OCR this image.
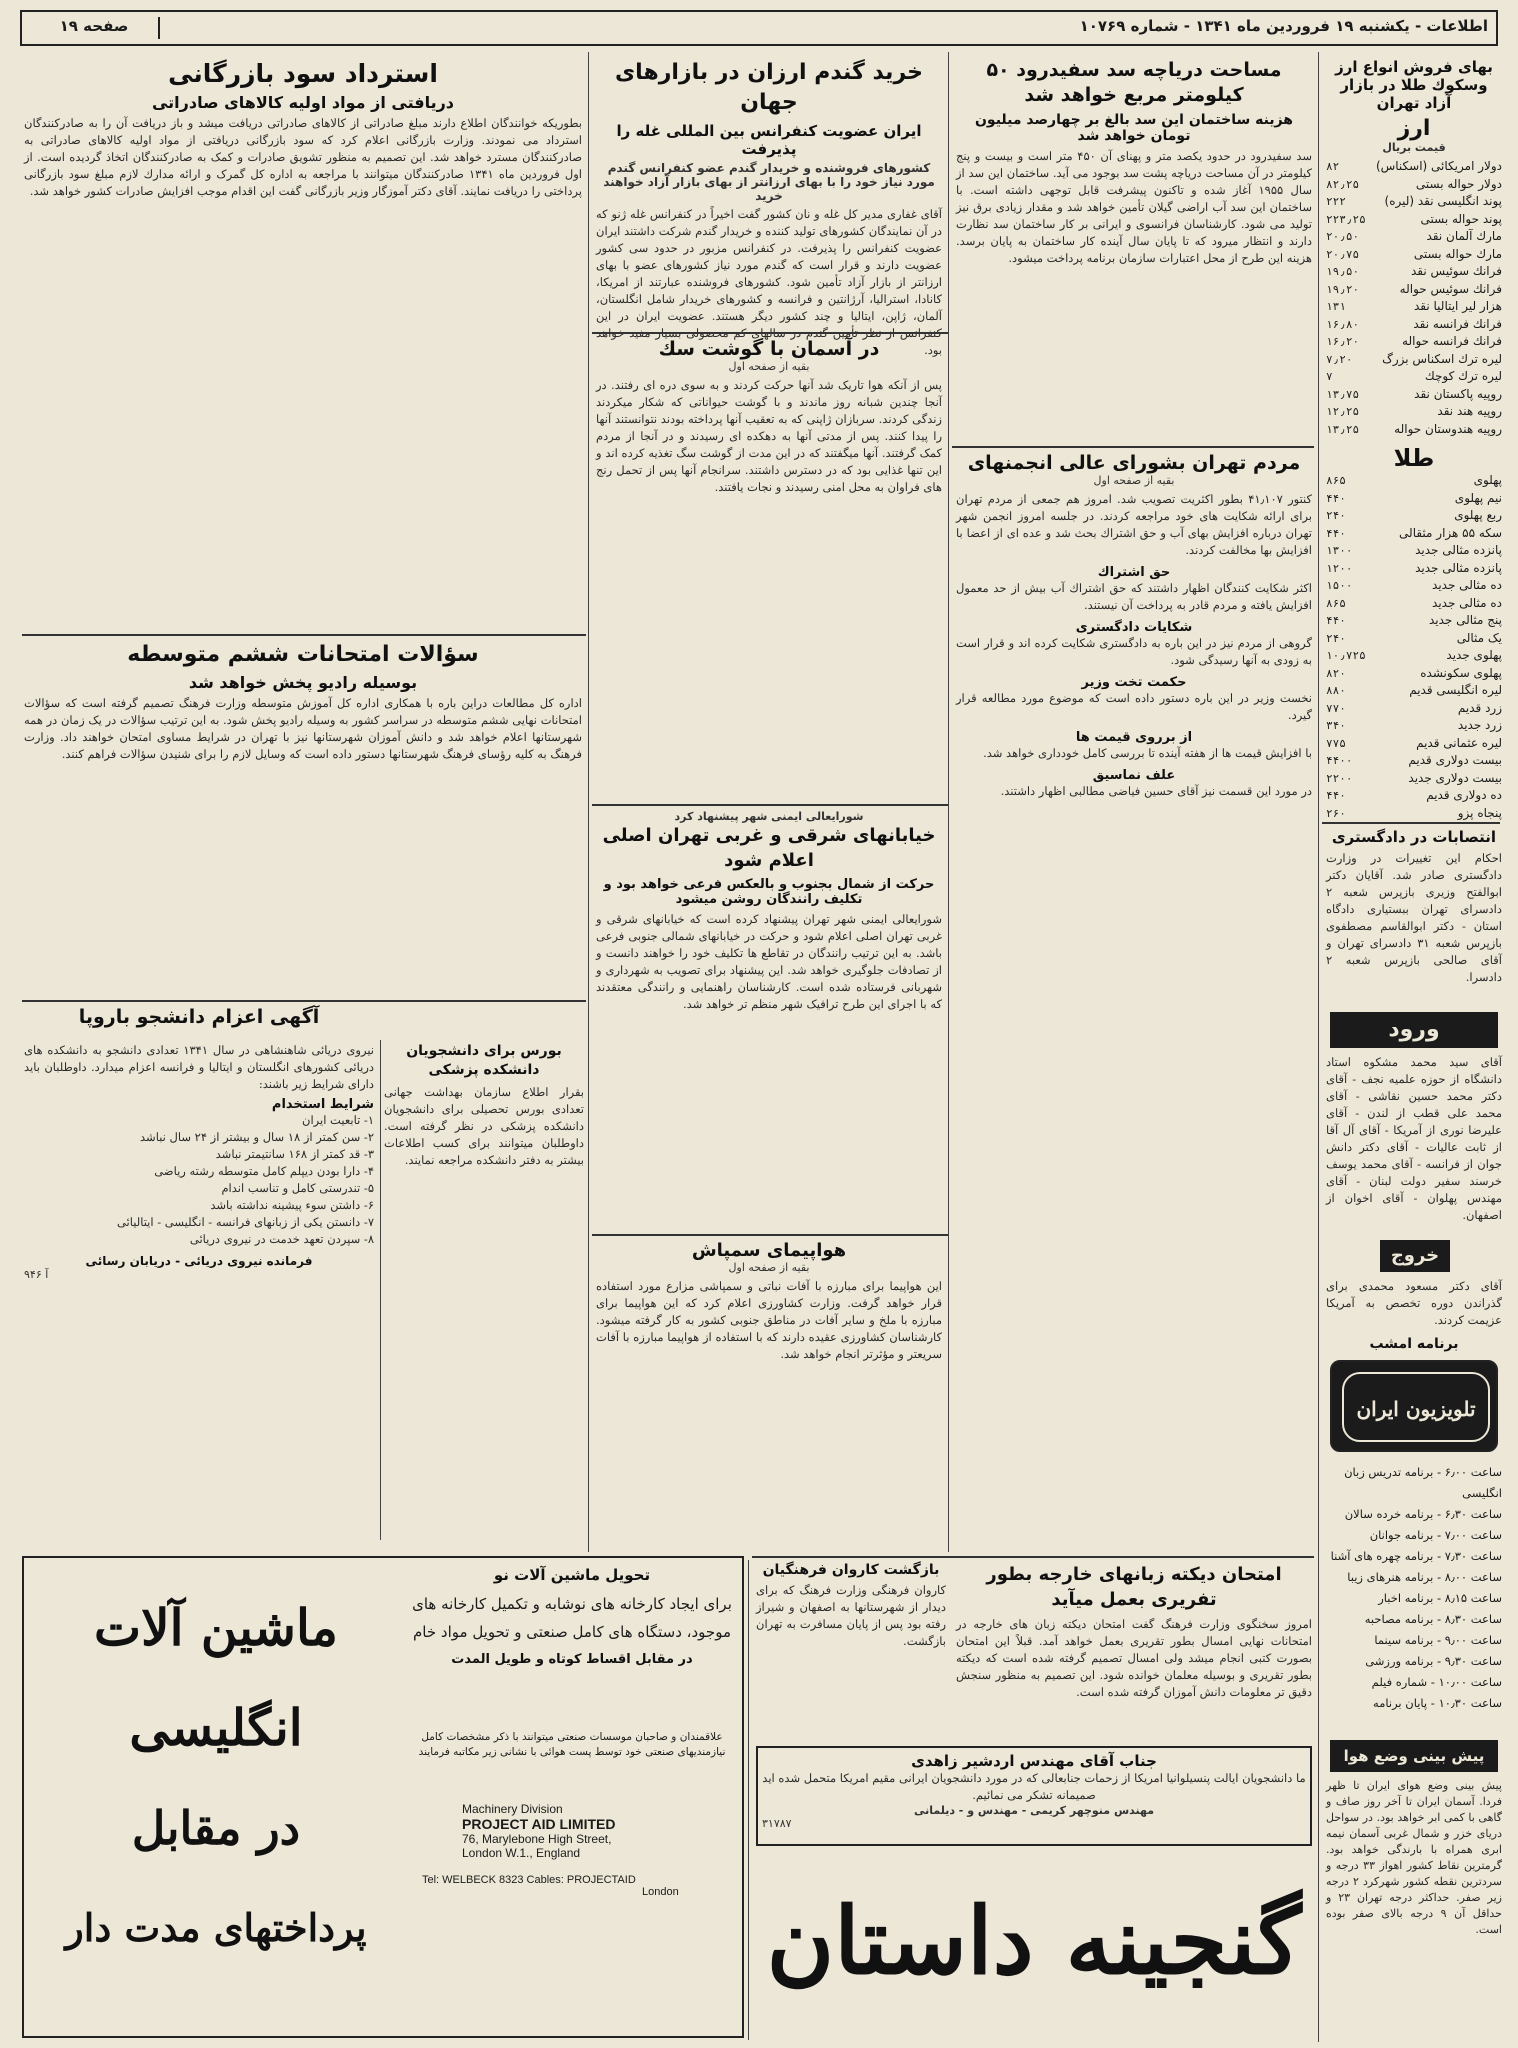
اطلاعات - یکشنبه ۱۹ فروردین ماه ۱۳۴۱ - شماره ۱۰۷۶۹
صفحه ۱۹
بهای فروش انواع ارز وسکوك طلا در بازار آزاد تهران
ارز
قیمت بریال
دولار امریکائی (اسکناس)
۸۲
دولار حواله بستی
۸۲٫۲۵
پوند انگلیسی نقد (لیره)
۲۲۲
پوند حواله بستی
۲۲۳٫۲۵
مارك آلمان نقد
۲۰٫۵۰
مارك حواله بستی
۲۰٫۷۵
فرانك سوئیس نقد
۱۹٫۵۰
فرانك سوئیس حواله
۱۹٫۲۰
هزار لیر ایتالیا نقد
۱۳۱
فرانك فرانسه نقد
۱۶٫۸۰
فرانك فرانسه حواله
۱۶٫۲۰
لیره ترك اسکناس بزرگ
۷٫۲۰
لیره ترك كوچك
۷
روپیه پاکستان نقد
۱۳٫۷۵
روپیه هند نقد
۱۲٫۲۵
روپیه هندوستان حواله
۱۳٫۲۵
طلا
پهلوی
۸۶۵
نیم پهلوی
۴۴۰
ربع پهلوی
۲۴۰
سکه ۵۵ هزار مثقالی
۴۴۰
پانزده مثالی جدید
۱۳۰۰
پانزده مثالی جدید
۱۲۰۰
ده مثالی جدید
۱۵۰۰
ده مثالی جدید
۸۶۵
پنج مثالی جدید
۴۴۰
یک مثالی
۲۴۰
پهلوی جدید
۱۰٫۷۲۵
پهلوی سکونشده
۸۲۰
لیره انگلیسی قدیم
۸۸۰
زرد قدیم
۷۷۰
زرد جدید
۳۴۰
لیره عثمانی قدیم
۷۷۵
بیست دولاری قدیم
۴۴۰۰
بیست دولاری جدید
۲۲۰۰
ده دولاری قدیم
۴۴۰
پنجاه پزو
۲۶۰
انتصابات در دادگستری
احکام این تغییرات در وزارت دادگستری صادر شد. آقایان دکتر ابوالفتح وزیری بازپرس شعبه ۲ دادسرای تهران ببستیاری دادگاه استان - دکتر ابوالقاسم مصطفوی بازپرس شعبه ۳۱ دادسرای تهران و آقای صالحی بازپرس شعبه ۲ دادسرا.
ورود
آقای سید محمد مشکوه استاد دانشگاه از حوزه علمیه نجف - آقای دکتر محمد حسین نقاشی - آقای محمد علی قطب از لندن - آقای علیرضا نوری از آمریکا - آقای آل آقا از ثابت عالیات - آقای دکتر دانش جوان از فرانسه - آقای محمد یوسف خرسند سفیر دولت لبنان - آقای مهندس پهلوان - آقای اخوان از اصفهان.
خروج
آقای دکتر مسعود محمدی برای گذراندن دوره تخصص به آمریکا عزیمت کردند.
برنامه امشب
تلویزیون ایران
ساعت ۶٫۰۰ - برنامه تدریس زبان انگلیسی
ساعت ۶٫۳۰ - برنامه خرده سالان
ساعت ۷٫۰۰ - برنامه جوانان
ساعت ۷٫۳۰ - برنامه چهره های آشنا
ساعت ۸٫۰۰ - برنامه هنرهای زیبا
ساعت ۸٫۱۵ - برنامه اخبار
ساعت ۸٫۳۰ - برنامه مصاحبه
ساعت ۹٫۰۰ - برنامه سینما
ساعت ۹٫۳۰ - برنامه ورزشی
ساعت ۱۰٫۰۰ - شماره فیلم
ساعت ۱۰٫۳۰ - پایان برنامه
پیش بینی وضع هوا
پیش بینی وضع هوای ایران تا ظهر فردا. آسمان ایران تا آخر روز صاف و گاهی با کمی ابر خواهد بود. در سواحل دریای خزر و شمال غربی آسمان نیمه ابری همراه با بارندگی خواهد بود. گرمترین نقاط کشور اهواز ۳۳ درجه و سردترین نقطه کشور شهرکرد ۲ درجه زیر صفر. حداکثر درجه تهران ۲۳ و حداقل آن ۹ درجه بالای صفر بوده است.
مساحت دریاچه سد سفیدرود ۵۰ کیلومتر مربع خواهد شد
هزینه ساختمان این سد بالغ بر چهارصد میلیون تومان خواهد شد
سد سفیدرود در حدود یکصد متر و پهنای آن ۴۵۰ متر است و بیست و پنج کیلومتر در آن مساحت دریاچه پشت سد بوجود می آید. ساختمان این سد از سال ۱۹۵۵ آغاز شده و تاکنون پیشرفت قابل توجهی داشته است. با ساختمان این سد آب اراضی گیلان تأمین خواهد شد و مقدار زیادی برق نیز تولید می شود. کارشناسان فرانسوی و ایرانی بر کار ساختمان سد نظارت دارند و انتظار میرود که تا پایان سال آینده کار ساختمان به پایان برسد. هزینه این طرح از محل اعتبارات سازمان برنامه پرداخت میشود.
مردم تهران بشورای عالی انجمنهای
بقیه از صفحه اول
کنتور ۴۱٫۱۰۷ بطور اکثریت تصویب شد. امروز هم جمعی از مردم تهران برای ارائه شکایت های خود مراجعه کردند. در جلسه امروز انجمن شهر تهران درباره افزایش بهای آب و حق اشتراك بحث شد و عده ای از اعضا با افزایش بها مخالفت کردند.
حق اشتراك
اکثر شکایت کنندگان اظهار داشتند که حق اشتراك آب بیش از حد معمول افزایش یافته و مردم قادر به پرداخت آن نیستند.
شکایات دادگستری
گروهی از مردم نیز در این باره به دادگستری شکایت کرده اند و قرار است به زودی به آنها رسیدگی شود.
حکمت تخت وزیر
نخست وزیر در این باره دستور داده است که موضوع مورد مطالعه قرار گیرد.
از برروی قیمت ها
با افزایش قیمت ها از هفته آینده تا بررسی کامل خودداری خواهد شد.
علف نماسیق
در مورد این قسمت نیز آقای حسین فیاضی مطالبی اظهار داشتند.
خرید گندم ارزان در بازارهای جهان
ایران عضویت کنفرانس بین المللی غله را پذیرفت
کشورهای فروشنده و خریدار گندم عضو کنفرانس گندم مورد نیاز خود را با بهای ارزانتر از بهای بازار آزاد خواهند خرید
آقای غفاری مدیر کل غله و نان کشور گفت اخیراً در کنفرانس غله ژنو که در آن نمایندگان کشورهای تولید کننده و خریدار گندم شرکت داشتند ایران عضویت کنفرانس را پذیرفت. در کنفرانس مزبور در حدود سی کشور عضویت دارند و قرار است که گندم مورد نیاز کشورهای عضو با بهای ارزانتر از بازار آزاد تأمین شود. کشورهای فروشنده عبارتند از امریکا، کانادا، استرالیا، آرژانتین و فرانسه و کشورهای خریدار شامل انگلستان، آلمان، ژاپن، ایتالیا و چند کشور دیگر هستند. عضویت ایران در این کنفرانس از نظر تأمین گندم در سالهای کم محصولی بسیار مفید خواهد بود.
در آسمان با گوشت سك
بقیه از صفحه اول
پس از آنکه هوا تاریک شد آنها حرکت کردند و به سوی دره ای رفتند. در آنجا چندین شبانه روز ماندند و با گوشت حیواناتی که شکار میکردند زندگی کردند. سربازان ژاپنی که به تعقیب آنها پرداخته بودند نتوانستند آنها را پیدا کنند. پس از مدتی آنها به دهکده ای رسیدند و در آنجا از مردم کمک گرفتند. آنها میگفتند که در این مدت از گوشت سگ تغذیه کرده اند و این تنها غذایی بود که در دسترس داشتند. سرانجام آنها پس از تحمل رنج های فراوان به محل امنی رسیدند و نجات یافتند.
شورایعالی ایمنی شهر پیشنهاد کرد
خیابانهای شرقی و غربی تهران اصلی اعلام شود
حرکت از شمال بجنوب و بالعکس فرعی خواهد بود و تکلیف رانندگان روشن میشود
شورایعالی ایمنی شهر تهران پیشنهاد کرده است که خیابانهای شرقی و غربی تهران اصلی اعلام شود و حرکت در خیابانهای شمالی جنوبی فرعی باشد. به این ترتیب رانندگان در تقاطع ها تکلیف خود را خواهند دانست و از تصادفات جلوگیری خواهد شد. این پیشنهاد برای تصویب به شهرداری و شهربانی فرستاده شده است. کارشناسان راهنمایی و رانندگی معتقدند که با اجرای این طرح ترافیک شهر منظم تر خواهد شد.
هواپیمای سمپاش
بقیه از صفحه اول
این هواپیما برای مبارزه با آفات نباتی و سمپاشی مزارع مورد استفاده قرار خواهد گرفت. وزارت کشاورزی اعلام کرد که این هواپیما برای مبارزه با ملخ و سایر آفات در مناطق جنوبی کشور به کار گرفته میشود. کارشناسان کشاورزی عقیده دارند که با استفاده از هواپیما مبارزه با آفات سریعتر و مؤثرتر انجام خواهد شد.
استرداد سود بازرگانی
دریافتی از مواد اولیه کالاهای صادراتی
بطوریکه خوانندگان اطلاع دارند مبلغ صادراتی از کالاهای صادراتی دریافت میشد و باز دریافت آن را به صادرکنندگان استرداد می نمودند. وزارت بازرگانی اعلام کرد که سود بازرگانی دریافتی از مواد اولیه کالاهای صادراتی به صادرکنندگان مسترد خواهد شد. این تصمیم به منظور تشویق صادرات و کمک به صادرکنندگان اتخاذ گردیده است. از اول فروردین ماه ۱۳۴۱ صادرکنندگان میتوانند با مراجعه به اداره کل گمرک و ارائه مدارك لازم مبلغ سود بازرگانی پرداختی را دریافت نمایند. آقای دکتر آموزگار وزیر بازرگانی گفت این اقدام موجب افزایش صادرات کشور خواهد شد.
سؤالات امتحانات ششم متوسطه
بوسیله رادیو پخش خواهد شد
اداره کل مطالعات دراین باره با همکاری اداره کل آموزش متوسطه وزارت فرهنگ تصمیم گرفته است که سؤالات امتحانات نهایی ششم متوسطه در سراسر کشور به وسیله رادیو پخش شود. به این ترتیب سؤالات در یک زمان در همه شهرستانها اعلام خواهد شد و دانش آموزان شهرستانها نیز با تهران در شرایط مساوی امتحان خواهند داد. وزارت فرهنگ به کلیه رؤسای فرهنگ شهرستانها دستور داده است که وسایل لازم را برای شنیدن سؤالات فراهم کنند.
آگهی اعزام دانشجو باروپا
نیروی دریائی شاهنشاهی در سال ۱۳۴۱ تعدادی دانشجو به دانشکده های دریائی کشورهای انگلستان و ایتالیا و فرانسه اعزام میدارد. داوطلبان باید دارای شرایط زیر باشند:
شرایط استخدام
۱- تابعیت ایران
۲- سن کمتر از ۱۸ سال و بیشتر از ۲۴ سال نباشد
۳- قد کمتر از ۱۶۸ سانتیمتر نباشد
۴- دارا بودن دیپلم کامل متوسطه رشته ریاضی
۵- تندرستی کامل و تناسب اندام
۶- داشتن سوء پیشینه نداشته باشد
۷- دانستن یکی از زبانهای فرانسه - انگلیسی - ایتالیائی
۸- سپردن تعهد خدمت در نیروی دریائی
فرمانده نیروی دریائی - دریابان رسائی
آ ۹۴۶
بورس برای دانشجویان دانشکده پزشکی
بقرار اطلاع سازمان بهداشت جهانی تعدادی بورس تحصیلی برای دانشجویان دانشکده پزشکی در نظر گرفته است. داوطلبان میتوانند برای کسب اطلاعات بیشتر به دفتر دانشکده مراجعه نمایند.
امتحان دیکته زبانهای خارجه بطور تفریری بعمل میآید
امروز سخنگوی وزارت فرهنگ گفت امتحان دیکته زبان های خارجه در امتحانات نهایی امسال بطور تقریری بعمل خواهد آمد. قبلاً این امتحان بصورت کتبی انجام میشد ولی امسال تصمیم گرفته شده است که دیکته بطور تقریری و بوسیله معلمان خوانده شود. این تصمیم به منظور سنجش دقیق تر معلومات دانش آموزان گرفته شده است.
بازگشت کاروان فرهنگیان
کاروان فرهنگی وزارت فرهنگ که برای دیدار از شهرستانها به اصفهان و شیراز رفته بود پس از پایان مسافرت به تهران بازگشت.
جناب آقای مهندس اردشیر زاهدی
ما دانشجویان ایالت پنسیلوانیا امریکا از زحمات جنابعالی که در مورد دانشجویان ایرانی مقیم امریکا متحمل شده اید صمیمانه تشکر می نمائیم.
مهندس منوچهر کریمی - مهندس و - دیلمانی
۳۱۷۸۷
گنجینه داستان
تحویل ماشین آلات نو
برای ایجاد کارخانه های نوشابه و تکمیل کارخانه های موجود، دستگاه های کامل صنعتی و تحویل مواد خام
در مقابل اقساط کوتاه و طویل المدت
علاقمندان و صاحبان موسسات صنعتی میتوانند با ذکر مشخصات کامل نیازمندیهای صنعتی خود توسط پست هوائی با نشانی زیر مکاتبه فرمایند
Machinery Division
PROJECT AID LIMITED
76, Marylebone High Street,
London W.1., England
Tel: WELBECK 8323 Cables: PROJECTAID
London
ماشین آلات
انگلیسی
در مقابل
پرداختهای مدت دار
